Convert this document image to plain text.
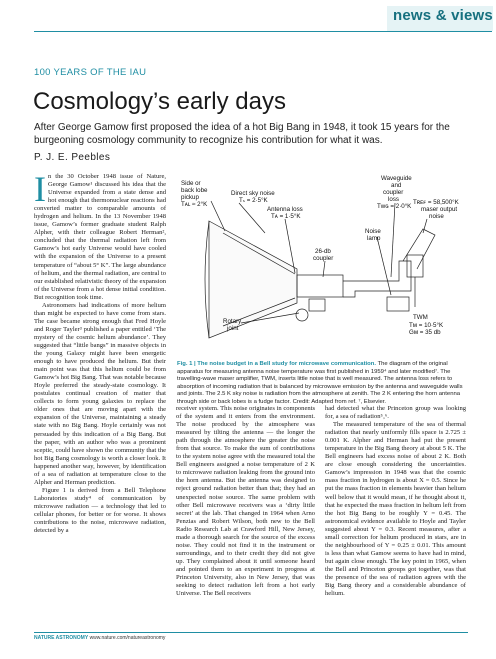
news & views
100 YEARS OF THE IAU
Cosmology’s early days
After George Gamow first proposed the idea of a hot Big Bang in 1948, it took 15 years for the burgeoning cosmology community to recognize his contribution for what it was.
P. J. E. Peebles

In the 30 October 1948 issue of Nature, George Gamow¹ discussed his idea that the Universe expanded from a state dense and hot enough that thermonuclear reactions had converted matter to comparable amounts of hydrogen and helium. In the 13 November 1948 issue, Gamow’s former graduate student Ralph Alpher, with their colleague Robert Herman², concluded that the thermal radiation left from Gamow’s hot early Universe would have cooled with the expansion of the Universe to a present temperature of “about 5° K”. The large abundance of helium, and the thermal radiation, are central to our established relativistic theory of the expansion of the Universe from a hot dense initial condition. But recognition took time.

Astronomers had indications of more helium than might be expected to have come from stars. The case became strong enough that Fred Hoyle and Roger Tayler³ published a paper entitled ‘The mystery of the cosmic helium abundance’. They suggested that “little bangs” in massive objects in the young Galaxy might have been energetic enough to have produced the helium. But their main point was that this helium could be from Gamow’s hot Big Bang. That was notable because Hoyle preferred the steady-state cosmology. It postulates continual creation of matter that collects to form young galaxies to replace the older ones that are moving apart with the expansion of the Universe, maintaining a steady state with no Big Bang. Hoyle certainly was not persuaded by this indication of a Big Bang. But the paper, with an author who was a prominent sceptic, could have shown the community that the hot Big Bang cosmology is worth a closer look. It happened another way, however, by identification of a sea of radiation at temperature close to the Alpher and Herman prediction.

Figure 1 is derived from a Bell Telephone Laboratories study⁴ of communication by microwave radiation — a technology that led to cellular phones, for better or for worse. It shows contributions to the noise, microwave radiation, detected by a

Side or
back lobe
pickup
Tᴀʟ ≈ 2°K
Direct sky noise
Tₛ = 2·5°K
Antenna loss
Tᴀ = 1·5°K
26-db
coupler
Rotary
joint
Waveguide
and
coupler
loss
Tᴡɢ = 2·0°K
Noise
lamp
Tʀᴇꜰ = 58,500°K
maser output
noise
TWM
Tᴍ = 10·5°K
Gᴍ = 35 db
Fig. 1 | The noise budget in a Bell study for microwave communication. The diagram of the original apparatus for measuring antenna noise temperature was first published in 1959⁴ and later modified⁷. The travelling-wave maser amplifier, TWM, inserts little noise that is well measured. The antenna loss refers to absorption of incoming radiation that is balanced by microwave emission by the antenna and waveguide walls and joints. The 2.5 K sky noise is radiation from the atmosphere at zenith. The 2 K entering the horn antenna through side or back lobes is a fudge factor. Credit: Adapted from ref. ⁷, Elsevier.

receiver system. This noise originates in components of the system and it enters from the environment. The noise produced by the atmosphere was measured by tilting the antenna — the longer the path through the atmosphere the greater the noise from that source. To make the sum of contributions to the system noise agree with the measured total the Bell engineers assigned a noise temperature of 2 K to microwave radiation leaking from the ground into the horn antenna. But the antenna was designed to reject ground radiation better than that; they had an unexpected noise source. The same problem with other Bell microwave receivers was a ‘dirty little secret’ at the lab. That changed in 1964 when Arno Penzias and Robert Wilson, both new to the Bell Radio Research Lab at Crawford Hill, New Jersey, made a thorough search for the source of the excess noise. They could not find it in the instrument or surroundings, and to their credit they did not give up. They complained about it until someone heard and pointed them to an experiment in progress at Princeton University, also in New Jersey, that was seeking to detect radiation left from a hot early Universe. The Bell receivers

had detected what the Princeton group was looking for, a sea of radiation⁵‚⁶.

The measured temperature of the sea of thermal radiation that nearly uniformly fills space is 2.725 ± 0.001 K. Alpher and Herman had put the present temperature in the Big Bang theory at about 5 K. The Bell engineers had excess noise of about 2 K. Both are close enough considering the uncertainties. Gamow’s impression in 1948 was that the cosmic mass fraction in hydrogen is about X = 0.5. Since he put the mass fraction in elements heavier than helium well below that it would mean, if he thought about it, that he expected the mass fraction in helium left from the hot Big Bang to be roughly Y = 0.45. The astronomical evidence available to Hoyle and Tayler suggested about Y = 0.3. Recent measures, after a small correction for helium produced in stars, are in the neighbourhood of Y = 0.25 ± 0.01. This amount is less than what Gamow seems to have had in mind, but again close enough. The key point in 1965, when the Bell and Princeton groups got together, was that the presence of the sea of radiation agrees with the Big Bang theory and a considerable abundance of helium.

NATURE ASTRONOMY www.nature.com/natureastronomy
